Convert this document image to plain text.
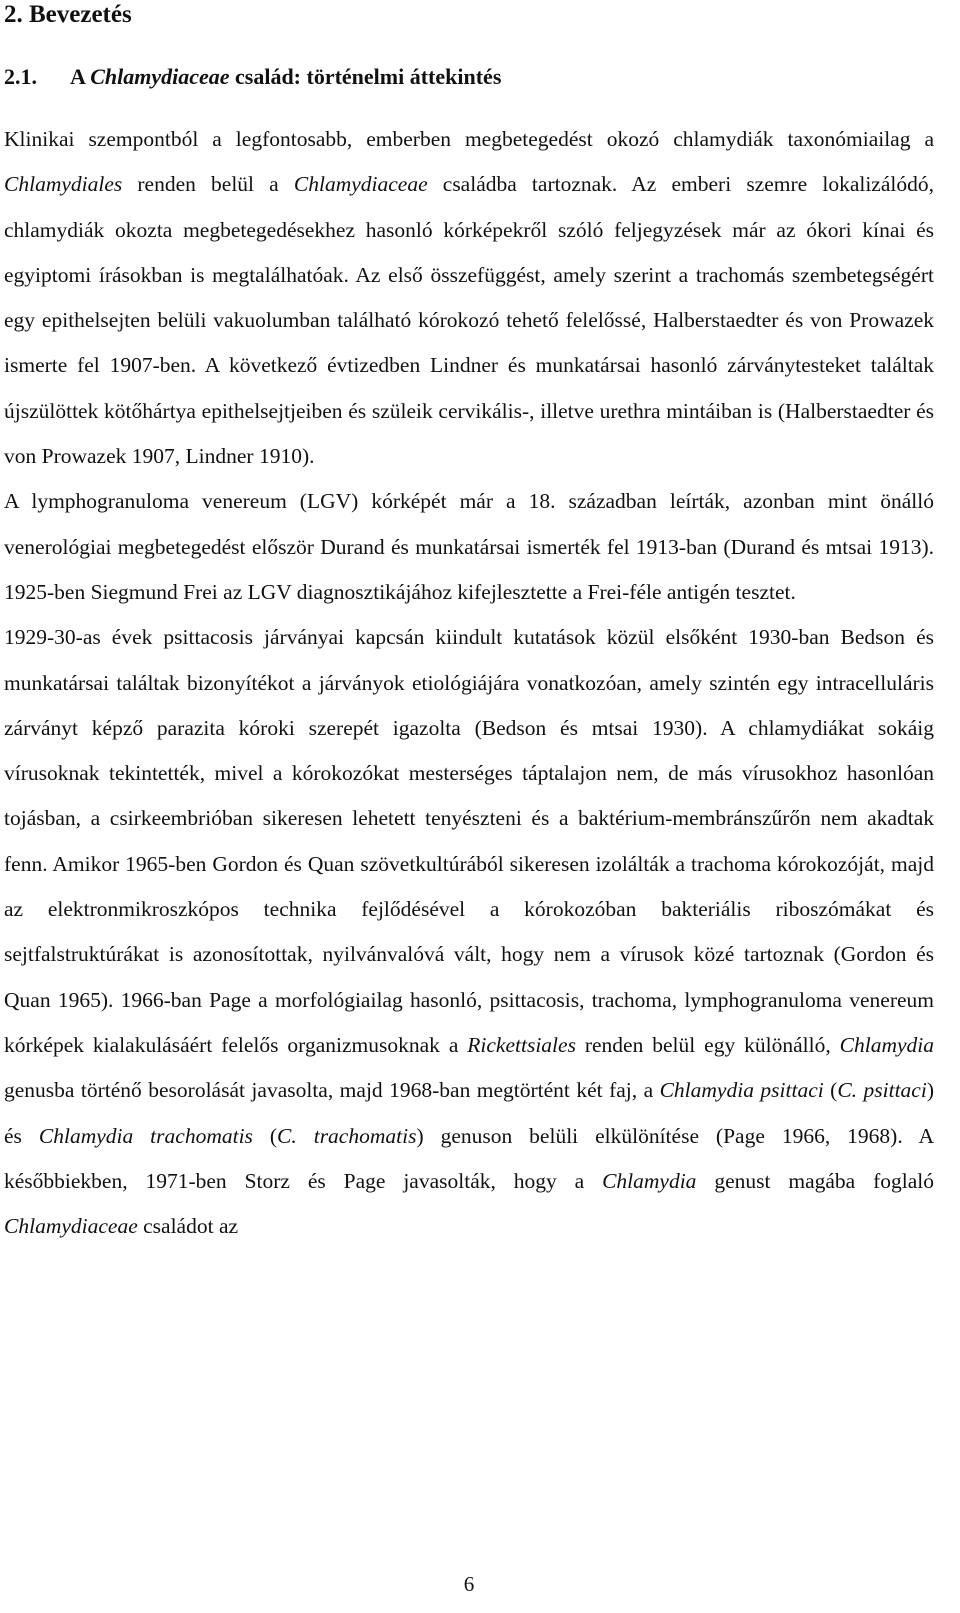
2. Bevezetés
2.1. A Chlamydiaceae család: történelmi áttekintés

Klinikai szempontból a legfontosabb, emberben megbetegedést okozó chlamydiák taxonómiailag a Chlamydiales renden belül a Chlamydiaceae családba tartoznak. Az emberi szemre lokalizálódó, chlamydiák okozta megbetegedésekhez hasonló kórképekről szóló feljegyzések már az ókori kínai és egyiptomi írásokban is megtalálhatóak. Az első összefüggést, amely szerint a trachomás szembetegségért egy epithelsejten belüli vakuolumban található kórokozó tehető felelőssé, Halberstaedter és von Prowazek ismerte fel 1907-ben. A következő évtizedben Lindner és munkatársai hasonló zárványtesteket találtak újszülöttek kötőhártya epithelsejtjeiben és szüleik cervikális-, illetve urethra mintáiban is (Halberstaedter és von Prowazek 1907, Lindner 1910).

A lymphogranuloma venereum (LGV) kórképét már a 18. században leírták, azonban mint önálló venerológiai megbetegedést először Durand és munkatársai ismerték fel 1913-ban (Durand és mtsai 1913). 1925-ben Siegmund Frei az LGV diagnosztikájához kifejlesztette a Frei-féle antigén tesztet.

1929-30-as évek psittacosis járványai kapcsán kiindult kutatások közül elsőként 1930-ban Bedson és munkatársai találtak bizonyítékot a járványok etiológiájára vonatkozóan, amely szintén egy intracelluláris zárványt képző parazita kóroki szerepét igazolta (Bedson és mtsai 1930). A chlamydiákat sokáig vírusoknak tekintették, mivel a kórokozókat mesterséges táptalajon nem, de más vírusokhoz hasonlóan tojásban, a csirkeembrióban sikeresen lehetett tenyészteni és a baktérium-membránszűrőn nem akadtak fenn. Amikor 1965-ben Gordon és Quan szövetkultúrából sikeresen izolálták a trachoma kórokozóját, majd az elektronmikroszkópos technika fejlődésével a kórokozóban bakteriális riboszómákat és sejtfalstruktúrákat is azonosítottak, nyilvánvalóvá vált, hogy nem a vírusok közé tartoznak (Gordon és Quan 1965). 1966-ban Page a morfológiailag hasonló, psittacosis, trachoma, lymphogranuloma venereum kórképek kialakulásáért felelős organizmusoknak a Rickettsiales renden belül egy különálló, Chlamydia genusba történő besorolását javasolta, majd 1968-ban megtörtént két faj, a Chlamydia psittaci (C. psittaci) és Chlamydia trachomatis (C. trachomatis) genuson belüli elkülönítése (Page 1966, 1968). A későbbiekben, 1971-ben Storz és Page javasolták, hogy a Chlamydia genust magába foglaló Chlamydiaceae családot az

6
